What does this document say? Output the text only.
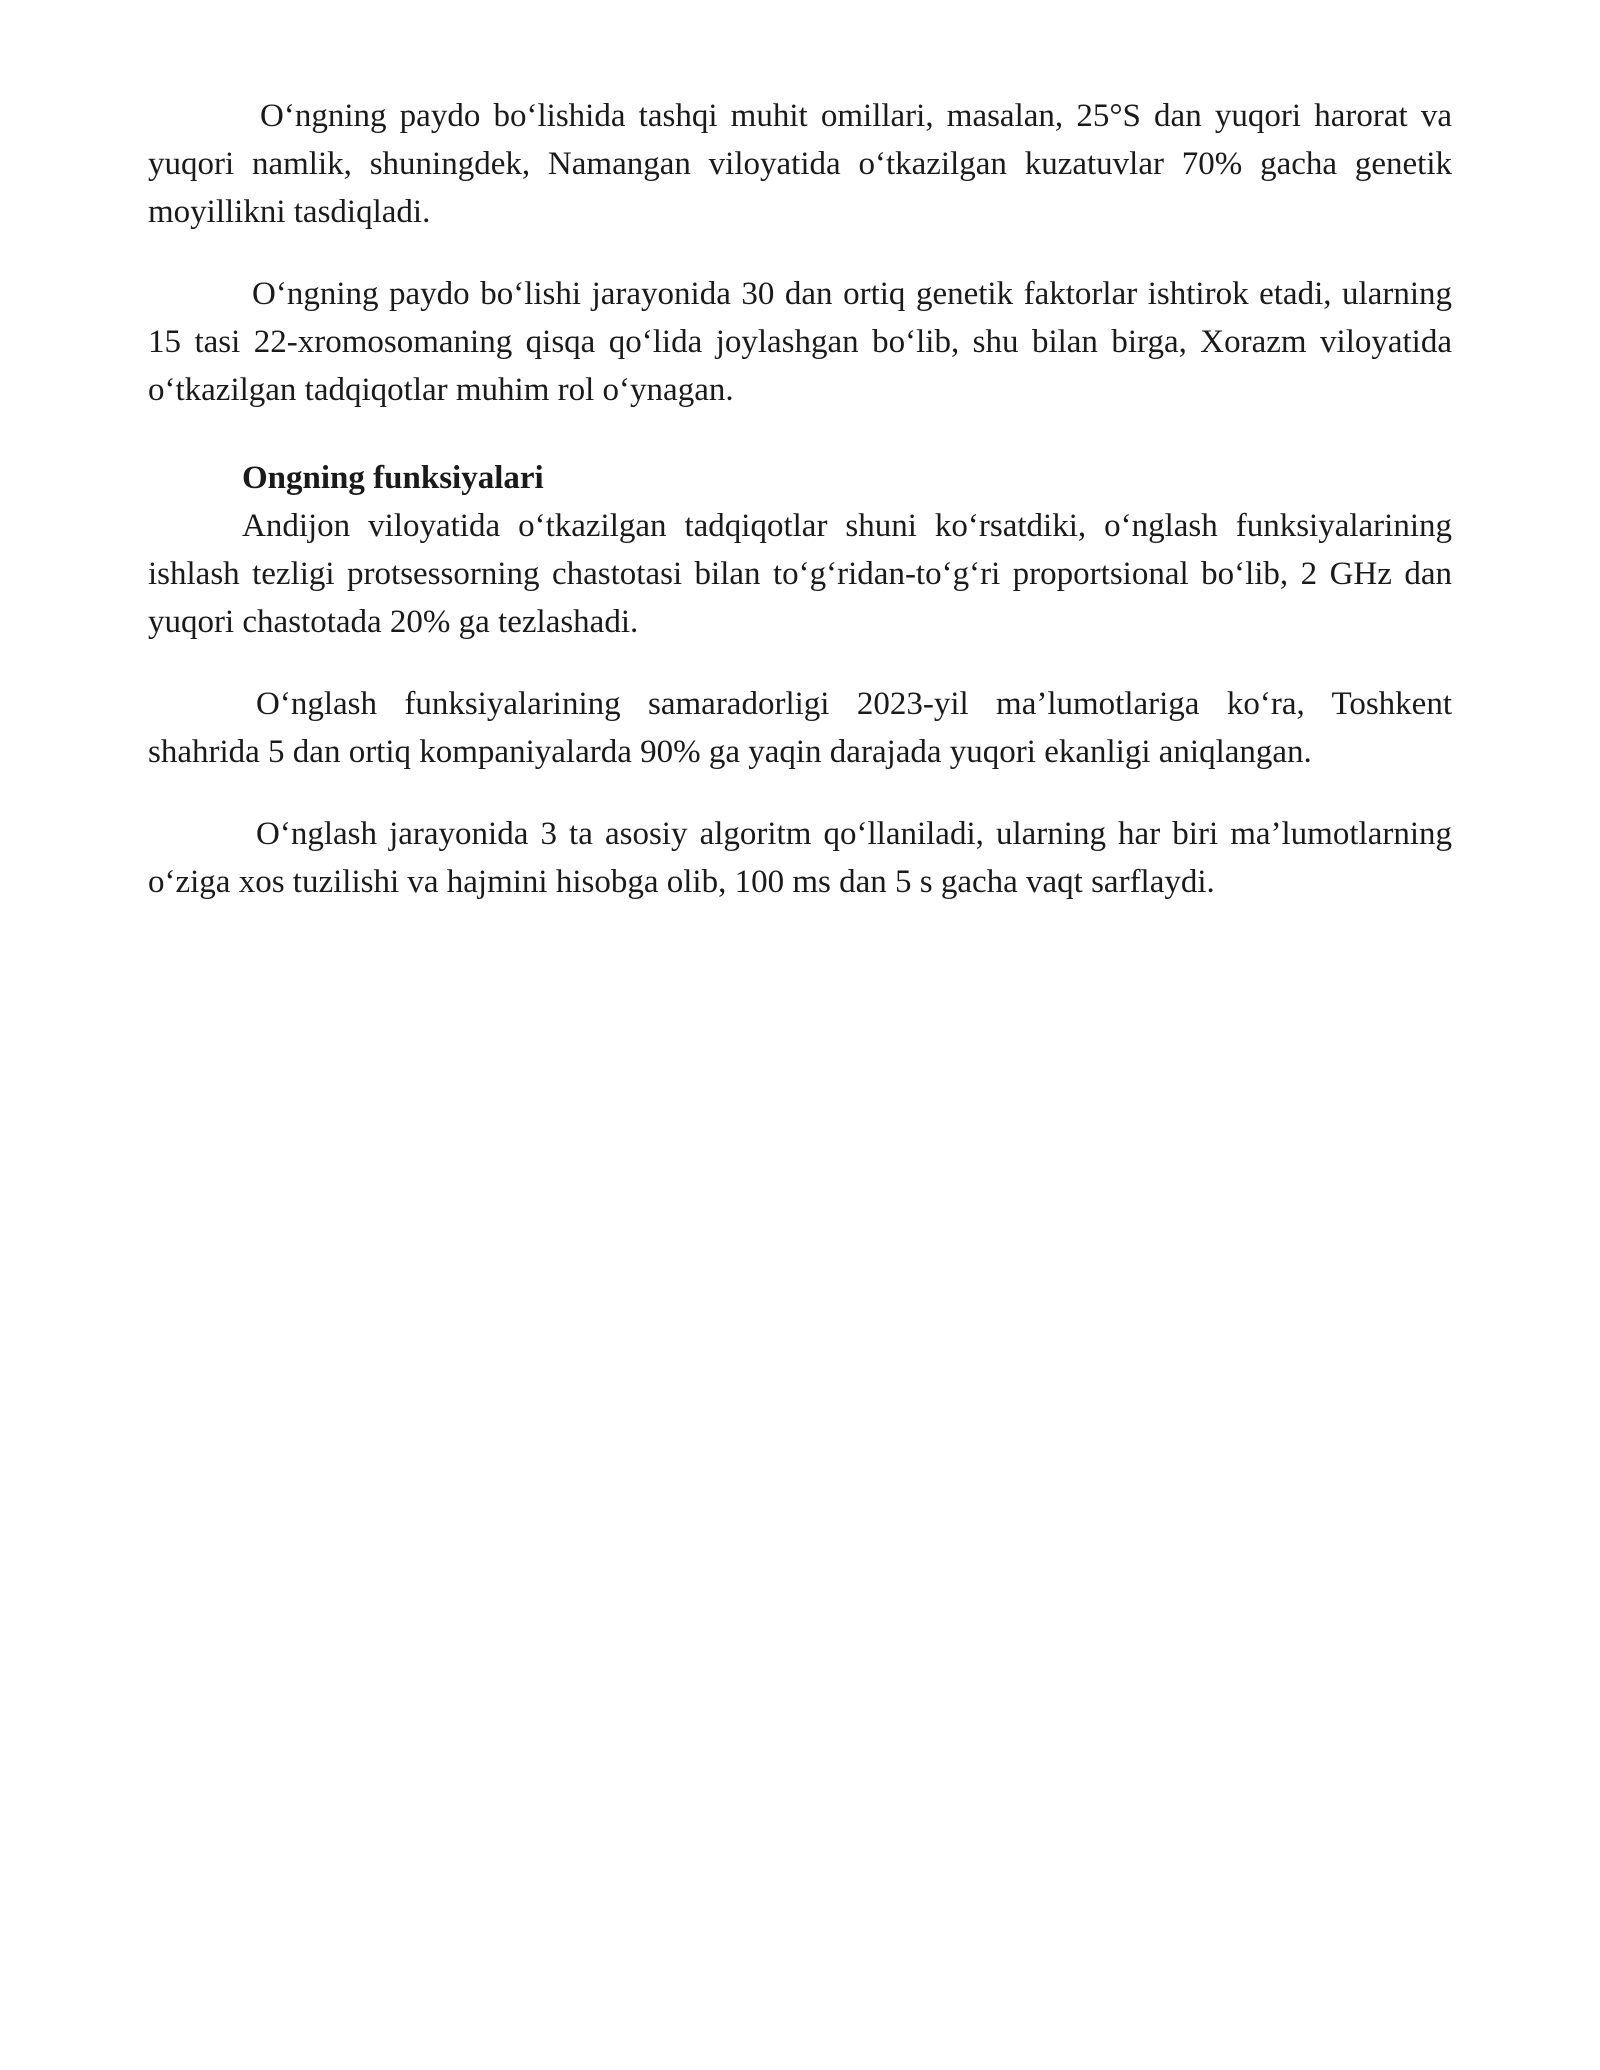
Oʻngning paydo boʻlishida tashqi muhit omillari, masalan, 25°S dan yuqori harorat va yuqori namlik, shuningdek, Namangan viloyatida oʻtkazilgan kuzatuvlar 70% gacha genetik moyillikni tasdiqladi.

Oʻngning paydo boʻlishi jarayonida 30 dan ortiq genetik faktorlar ishtirok etadi, ularning 15 tasi 22-xromosomaning qisqa qoʻlida joylashgan boʻlib, shu bilan birga, Xorazm viloyatida oʻtkazilgan tadqiqotlar muhim rol oʻynagan.

Ongning funksiyalari

Andijon viloyatida oʻtkazilgan tadqiqotlar shuni koʻrsatdiki, oʻnglash funksiyalarining ishlash tezligi protsessorning chastotasi bilan toʻgʻridan-toʻgʻri proportsional boʻlib, 2 GHz dan yuqori chastotada 20% ga tezlashadi.

Oʻnglash funksiyalarining samaradorligi 2023-yil ma’lumotlariga koʻra, Toshkent shahrida 5 dan ortiq kompaniyalarda 90% ga yaqin darajada yuqori ekanligi aniqlangan.

Oʻnglash jarayonida 3 ta asosiy algoritm qoʻllaniladi, ularning har biri ma’lumotlarning oʻziga xos tuzilishi va hajmini hisobga olib, 100 ms dan 5 s gacha vaqt sarflaydi.
